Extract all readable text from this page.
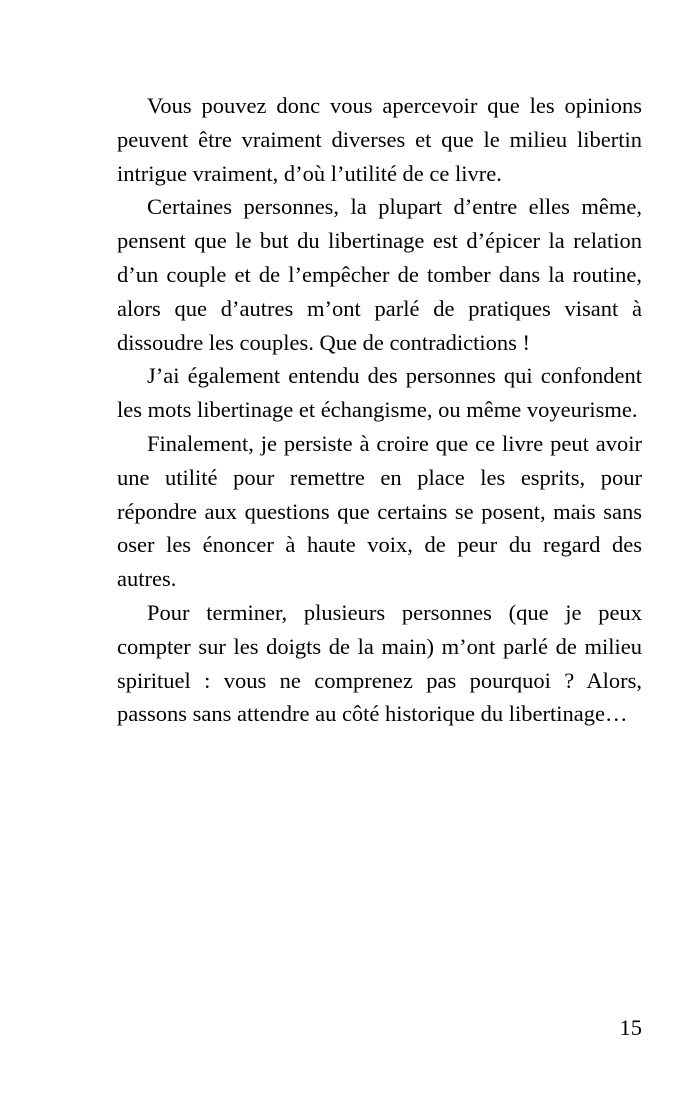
Vous pouvez donc vous apercevoir que les opinions peuvent être vraiment diverses et que le milieu libertin intrigue vraiment, d’où l’utilité de ce livre.

Certaines personnes, la plupart d’entre elles même, pensent que le but du libertinage est d’épicer la relation d’un couple et de l’empêcher de tomber dans la routine, alors que d’autres m’ont parlé de pratiques visant à dissoudre les couples. Que de contradictions !

J’ai également entendu des personnes qui confondent les mots libertinage et échangisme, ou même voyeurisme.

Finalement, je persiste à croire que ce livre peut avoir une utilité pour remettre en place les esprits, pour répondre aux questions que certains se posent, mais sans oser les énoncer à haute voix, de peur du regard des autres.

Pour terminer, plusieurs personnes (que je peux compter sur les doigts de la main) m’ont parlé de milieu spirituel : vous ne comprenez pas pourquoi ? Alors, passons sans attendre au côté historique du libertinage…

15
